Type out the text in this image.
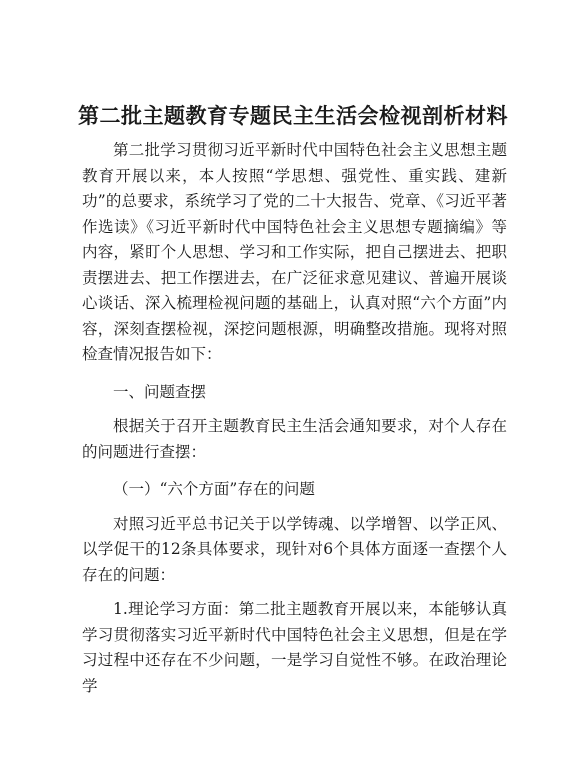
第二批主题教育专题民主生活会检视剖析材料

第二批学习贯彻习近平新时代中国特色社会主义思想主题教育开展以来，本人按照“学思想、强党性、重实践、建新功”的总要求，系统学习了党的二十大报告、党章、《习近平著作选读》《习近平新时代中国特色社会主义思想专题摘编》等内容，紧盯个人思想、学习和工作实际，把自己摆进去、把职责摆进去、把工作摆进去，在广泛征求意见建议、普遍开展谈心谈话、深入梳理检视问题的基础上，认真对照“六个方面”内容，深刻查摆检视，深挖问题根源，明确整改措施。现将对照检查情况报告如下：

一、问题查摆

根据关于召开主题教育民主生活会通知要求，对个人存在的问题进行查摆：

（一）“六个方面”存在的问题

对照习近平总书记关于以学铸魂、以学增智、以学正风、以学促干的12条具体要求，现针对6个具体方面逐一查摆个人存在的问题：

1.理论学习方面：第二批主题教育开展以来，本能够认真学习贯彻落实习近平新时代中国特色社会主义思想，但是在学习过程中还存在不少问题，一是学习自觉性不够。在政治理论学
